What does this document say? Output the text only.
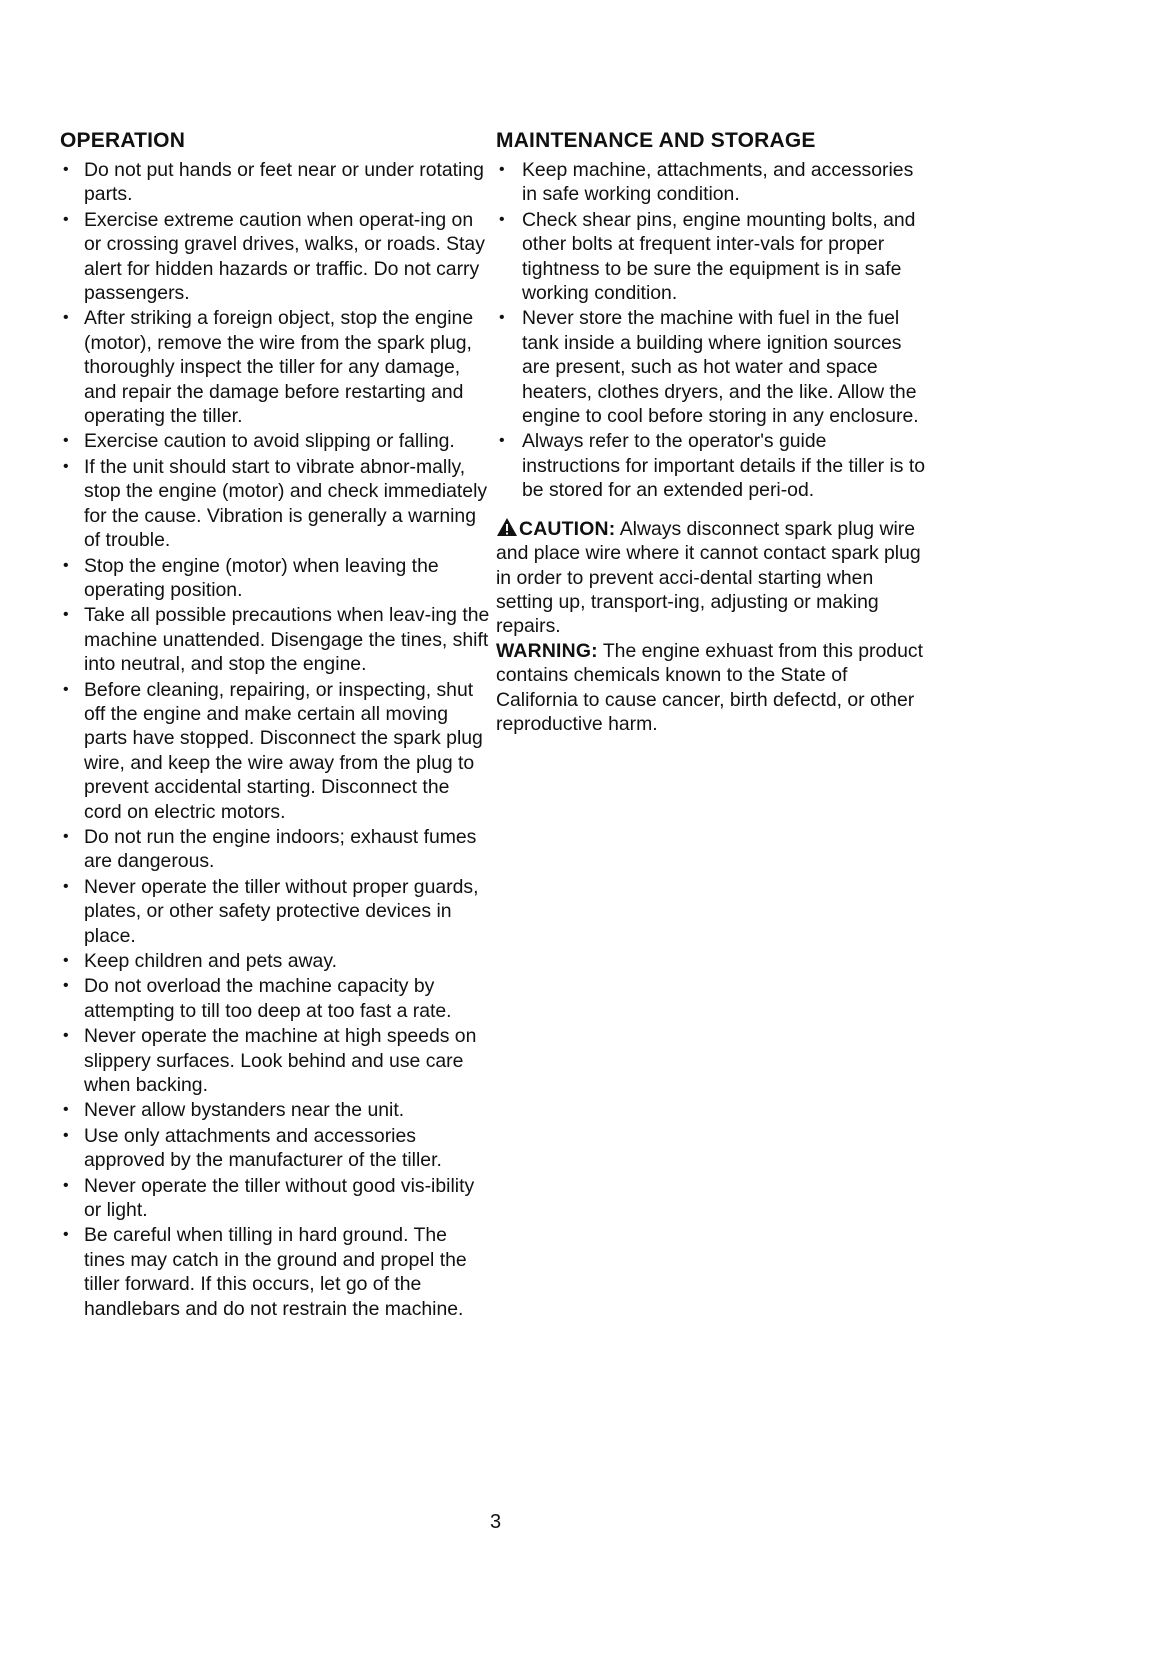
OPERATION
• Do not put hands or feet near or under rotating parts.
• Exercise extreme caution when operat-ing on or crossing gravel drives, walks, or roads. Stay alert for hidden hazards or traffic. Do not carry passengers.
• After striking a foreign object, stop the engine (motor), remove the wire from the spark plug, thoroughly inspect the tiller for any damage, and repair the damage before restarting and operating the tiller.
• Exercise caution to avoid slipping or falling.
• If the unit should start to vibrate abnor-mally, stop the engine (motor) and check immediately for the cause. Vibration is generally a warning of trouble.
• Stop the engine (motor) when leaving the operating position.
• Take all possible precautions when leav-ing the machine unattended. Disengage the tines, shift into neutral, and stop the engine.
• Before cleaning, repairing, or inspecting, shut off the engine and make certain all moving parts have stopped. Disconnect the spark plug wire, and keep the wire away from the plug to prevent accidental starting. Disconnect the cord on electric motors.
• Do not run the engine indoors; exhaust fumes are dangerous.
• Never operate the tiller without proper guards, plates, or other safety protective devices in place.
• Keep children and pets away.
• Do not overload the machine capacity by attempting to till too deep at too fast a rate.
• Never operate the machine at high speeds on slippery surfaces. Look behind and use care when backing.
• Never allow bystanders near the unit.
• Use only attachments and accessories approved by the manufacturer of the tiller.
• Never operate the tiller without good vis-ibility or light.
• Be careful when tilling in hard ground. The tines may catch in the ground and propel the tiller forward. If this occurs, let go of the handlebars and do not restrain the machine.
MAINTENANCE AND STORAGE
• Keep machine, attachments, and accessories in safe working condition.
• Check shear pins, engine mounting bolts, and other bolts at frequent inter-vals for proper tightness to be sure the equipment is in safe working condition.
• Never store the machine with fuel in the fuel tank inside a building where ignition sources are present, such as hot water and space heaters, clothes dryers, and the like. Allow the engine to cool before storing in any enclosure.
• Always refer to the operator's guide instructions for important details if the tiller is to be stored for an extended peri-od.
CAUTION: Always disconnect spark plug wire and place wire where it cannot contact spark plug in order to prevent acci-dental starting when setting up, transport-ing, adjusting or making repairs.
WARNING: The engine exhuast from this product contains chemicals known to the State of California to cause cancer, birth defectd, or other reproductive harm.
3
